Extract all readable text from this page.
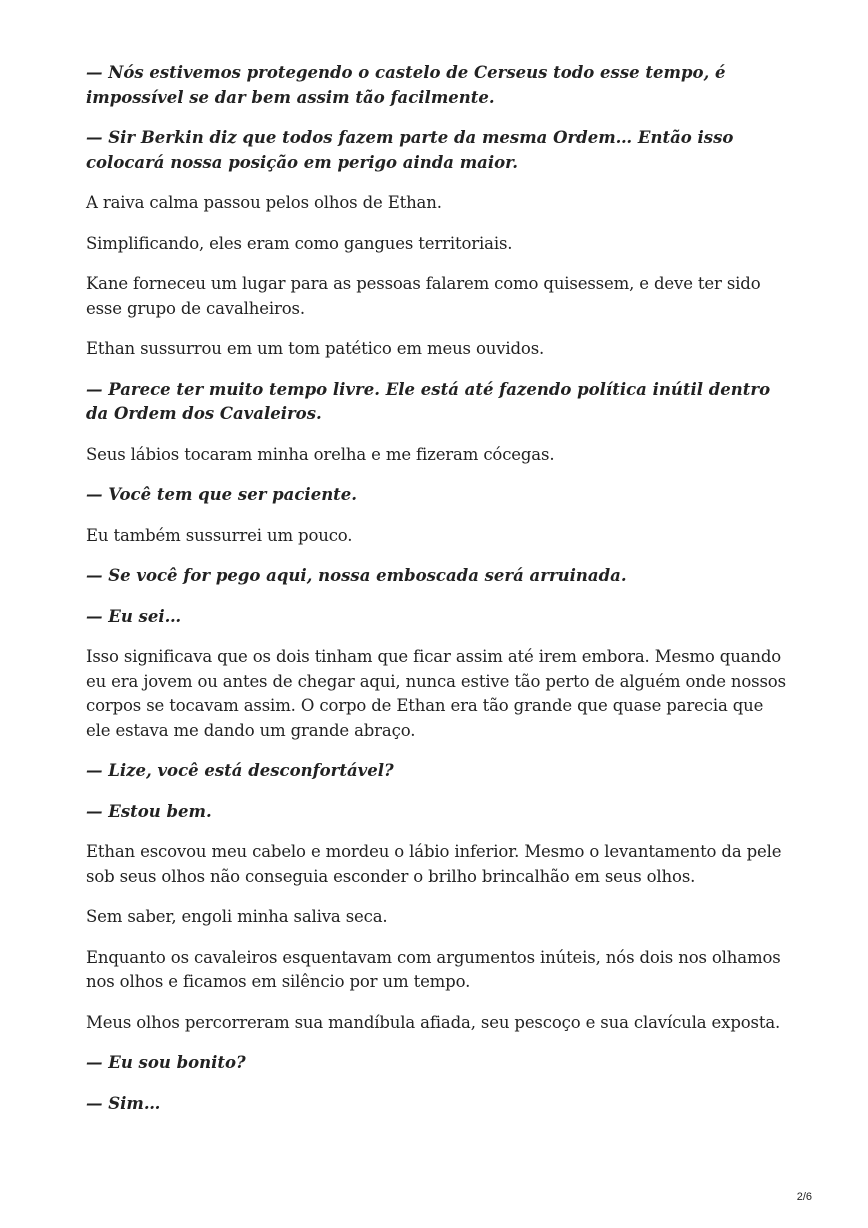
— Nós estivemos protegendo o castelo de Cerseus todo esse tempo, é impossível se dar bem assim tão facilmente.

— Sir Berkin diz que todos fazem parte da mesma Ordem… Então isso colocará nossa posição em perigo ainda maior.

A raiva calma passou pelos olhos de Ethan.

Simplificando, eles eram como gangues territoriais.

Kane forneceu um lugar para as pessoas falarem como quisessem, e deve ter sido esse grupo de cavalheiros.

Ethan sussurrou em um tom patético em meus ouvidos.

— Parece ter muito tempo livre. Ele está até fazendo política inútil dentro da Ordem dos Cavaleiros.

Seus lábios tocaram minha orelha e me fizeram cócegas.

— Você tem que ser paciente.

Eu também sussurrei um pouco.

— Se você for pego aqui, nossa emboscada será arruinada.

— Eu sei…

Isso significava que os dois tinham que ficar assim até irem embora. Mesmo quando eu era jovem ou antes de chegar aqui, nunca estive tão perto de alguém onde nossos corpos se tocavam assim. O corpo de Ethan era tão grande que quase parecia que ele estava me dando um grande abraço.

— Lize, você está desconfortável?

— Estou bem.

Ethan escovou meu cabelo e mordeu o lábio inferior. Mesmo o levantamento da pele sob seus olhos não conseguia esconder o brilho brincalhão em seus olhos.

Sem saber, engoli minha saliva seca.

Enquanto os cavaleiros esquentavam com argumentos inúteis, nós dois nos olhamos nos olhos e ficamos em silêncio por um tempo.

Meus olhos percorreram sua mandíbula afiada, seu pescoço e sua clavícula exposta.

— Eu sou bonito?

— Sim…

2/6
